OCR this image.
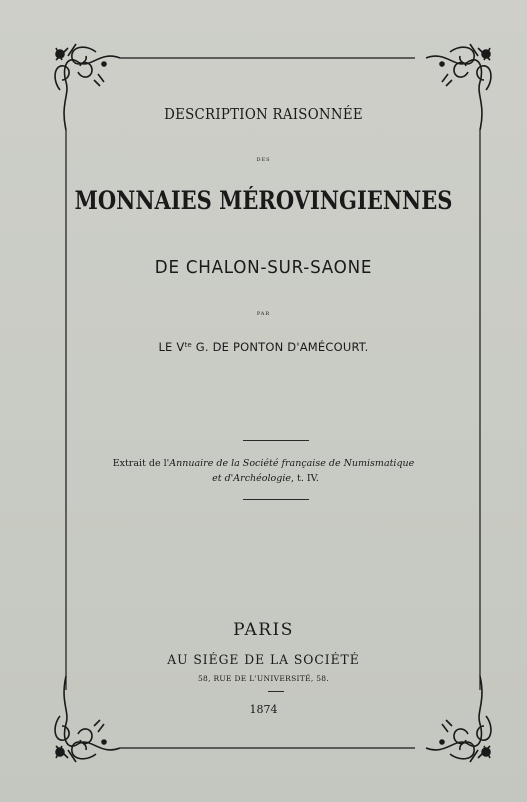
DESCRIPTION RAISONNÉE
DES
MONNAIES MÉROVINGIENNES
DE CHALON-SUR-SAONE
PAR
LE $V^{te}$ G. DE PONTON D'AMÉCOURT.
Extrait de l'Annuaire de la Société française de Numismatique
et d'Archéologie, t. IV.
PARIS
AU SIÉGE DE LA SOCIÉTÉ
58, RUE DE L'UNIVERSITÉ, 58.
1874
